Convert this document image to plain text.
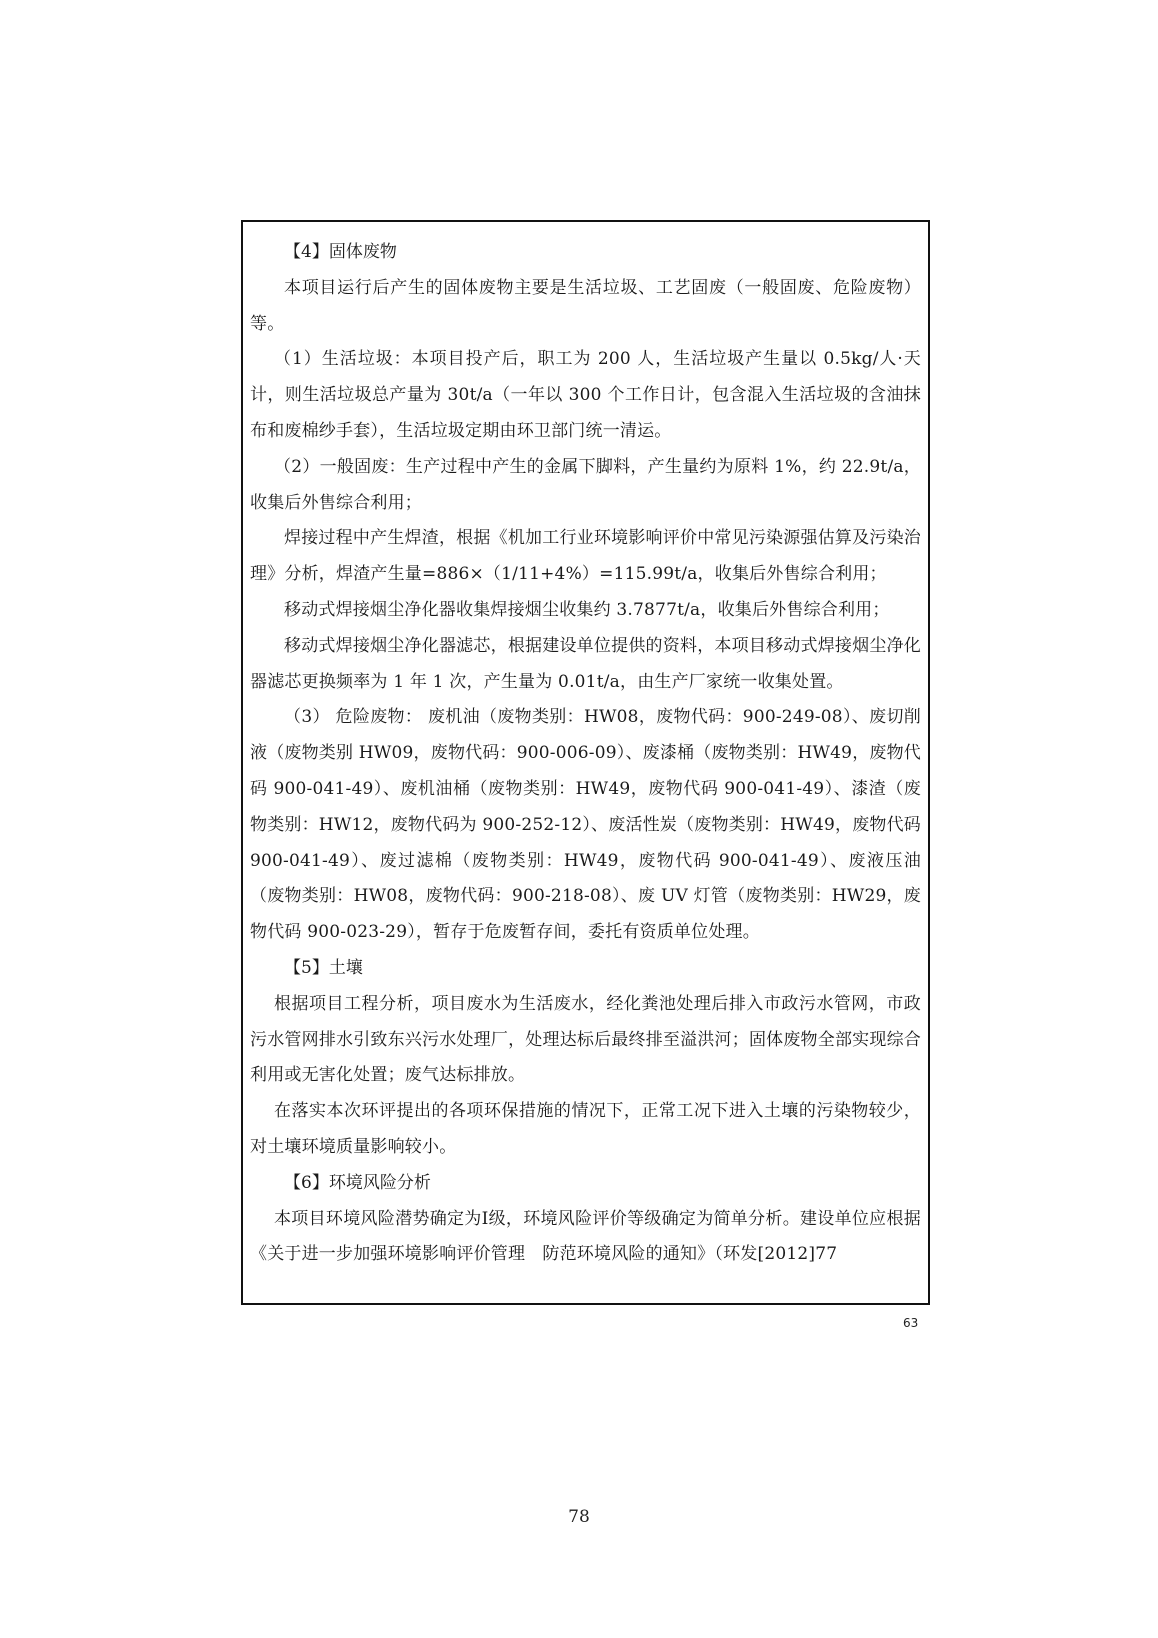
【4】固体废物

本项目运行后产生的固体废物主要是生活垃圾、工艺固废（一般固废、危险废物）等。

（1）生活垃圾：本项目投产后，职工为 200 人，生活垃圾产生量以 0.5kg/人·天计，则生活垃圾总产量为 30t/a（一年以 300 个工作日计，包含混入生活垃圾的含油抹布和废棉纱手套），生活垃圾定期由环卫部门统一清运。

（2）一般固废：生产过程中产生的金属下脚料，产生量约为原料 1%，约 22.9t/a，收集后外售综合利用；

焊接过程中产生焊渣，根据《机加工行业环境影响评价中常见污染源强估算及污染治理》分析，焊渣产生量=886×（1/11+4%）=115.99t/a，收集后外售综合利用；

移动式焊接烟尘净化器收集焊接烟尘收集约 3.7877t/a，收集后外售综合利用；

移动式焊接烟尘净化器滤芯，根据建设单位提供的资料，本项目移动式焊接烟尘净化器滤芯更换频率为 1 年 1 次，产生量为 0.01t/a，由生产厂家统一收集处置。

（3） 危险废物： 废机油（废物类别：HW08，废物代码：900-249-08）、废切削液（废物类别 HW09，废物代码：900-006-09）、废漆桶（废物类别：HW49，废物代码 900-041-49）、废机油桶（废物类别：HW49，废物代码 900-041-49）、漆渣（废物类别：HW12，废物代码为 900-252-12）、废活性炭（废物类别：HW49，废物代码 900-041-49）、废过滤棉（废物类别：HW49，废物代码 900-041-49）、废液压油（废物类别：HW08，废物代码：900-218-08）、废 UV 灯管（废物类别：HW29，废物代码 900-023-29），暂存于危废暂存间，委托有资质单位处理。

【5】土壤

根据项目工程分析，项目废水为生活废水，经化粪池处理后排入市政污水管网，市政污水管网排水引致东兴污水处理厂，处理达标后最终排至溢洪河；固体废物全部实现综合利用或无害化处置；废气达标排放。

在落实本次环评提出的各项环保措施的情况下，正常工况下进入土壤的污染物较少，对土壤环境质量影响较小。

【6】环境风险分析

本项目环境风险潜势确定为Ⅰ级，环境风险评价等级确定为简单分析。建设单位应根据《关于进一步加强环境影响评价管理　防范环境风险的通知》（环发[2012]77

63
78
